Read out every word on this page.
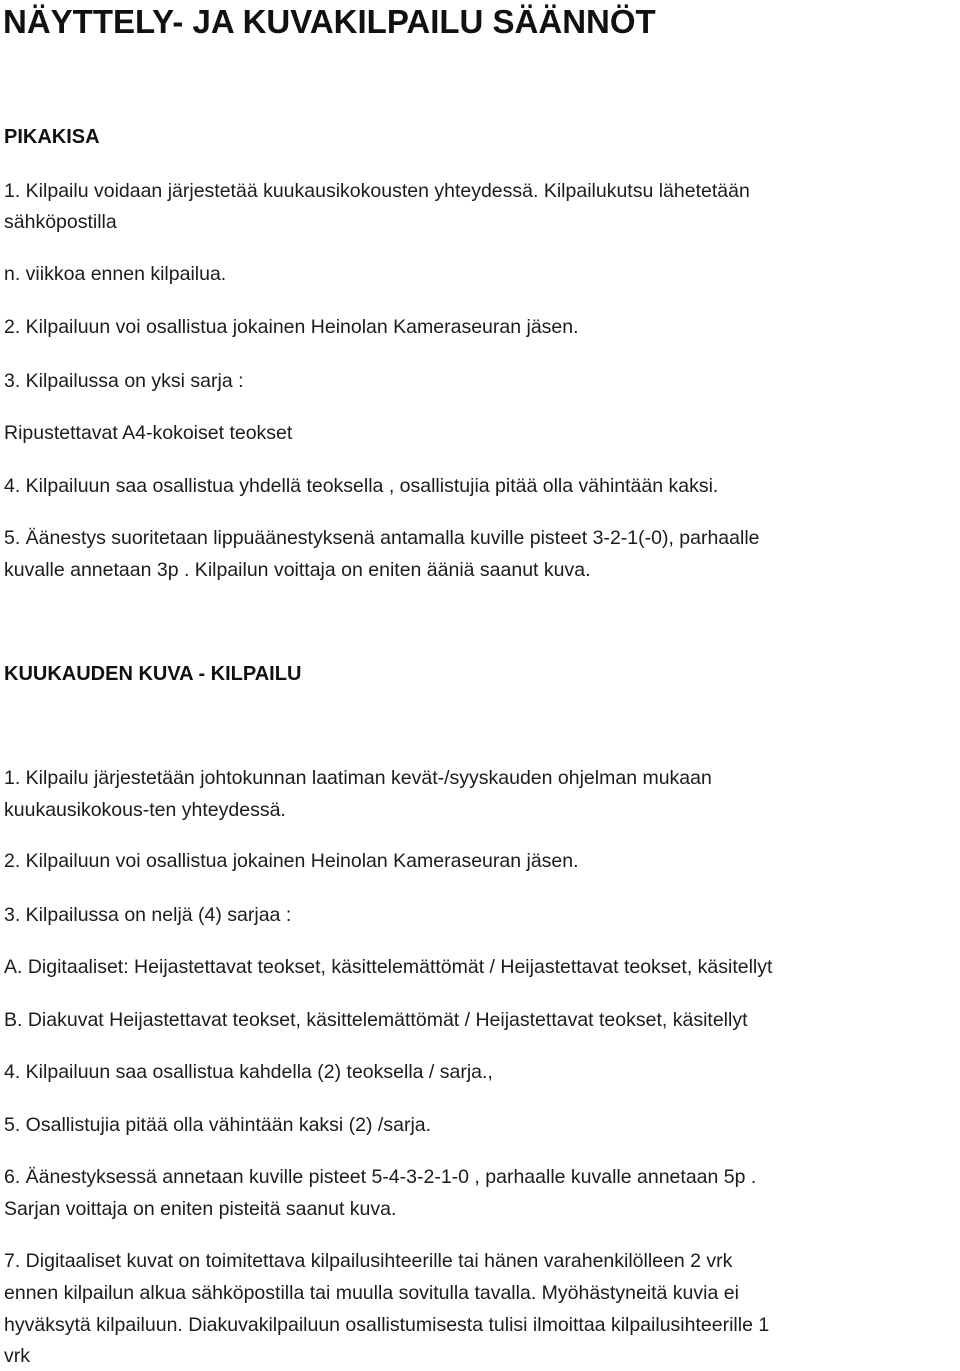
NÄYTTELY- JA KUVAKILPAILU SÄÄNNÖT
PIKAKISA

1. Kilpailu voidaan järjestetää kuukausikokousten yhteydessä. Kilpailukutsu lähetetään

sähköpostilla

n. viikkoa ennen kilpailua.

2. Kilpailuun voi osallistua jokainen Heinolan Kameraseuran jäsen.

3. Kilpailussa on yksi sarja :

Ripustettavat A4-kokoiset teokset

4. Kilpailuun saa osallistua yhdellä teoksella , osallistujia pitää olla vähintään kaksi.

5. Äänestys suoritetaan lippuäänestyksenä antamalla kuville pisteet 3-2-1(-0), parhaalle

kuvalle annetaan 3p . Kilpailun voittaja on eniten ääniä saanut kuva.

KUUKAUDEN KUVA - KILPAILU

1. Kilpailu järjestetään johtokunnan laatiman kevät-/syyskauden ohjelman mukaan

kuukausikokous-ten yhteydessä.

2. Kilpailuun voi osallistua jokainen Heinolan Kameraseuran jäsen.

3. Kilpailussa on neljä (4) sarjaa :

A. Digitaaliset: Heijastettavat teokset, käsittelemättömät / Heijastettavat teokset, käsitellyt

B. Diakuvat Heijastettavat teokset, käsittelemättömät / Heijastettavat teokset, käsitellyt

4. Kilpailuun saa osallistua kahdella (2) teoksella / sarja.,

5. Osallistujia pitää olla vähintään kaksi (2) /sarja.

6. Äänestyksessä annetaan kuville pisteet 5-4-3-2-1-0 , parhaalle kuvalle annetaan 5p .

Sarjan voittaja on eniten pisteitä saanut kuva.

7. Digitaaliset kuvat on toimitettava kilpailusihteerille tai hänen varahenkilölleen 2 vrk

ennen kilpailun alkua sähköpostilla tai muulla sovitulla tavalla. Myöhästyneitä kuvia ei

hyväksytä kilpailuun. Diakuvakilpailuun osallistumisesta tulisi ilmoittaa kilpailusihteerille 1

vrk
